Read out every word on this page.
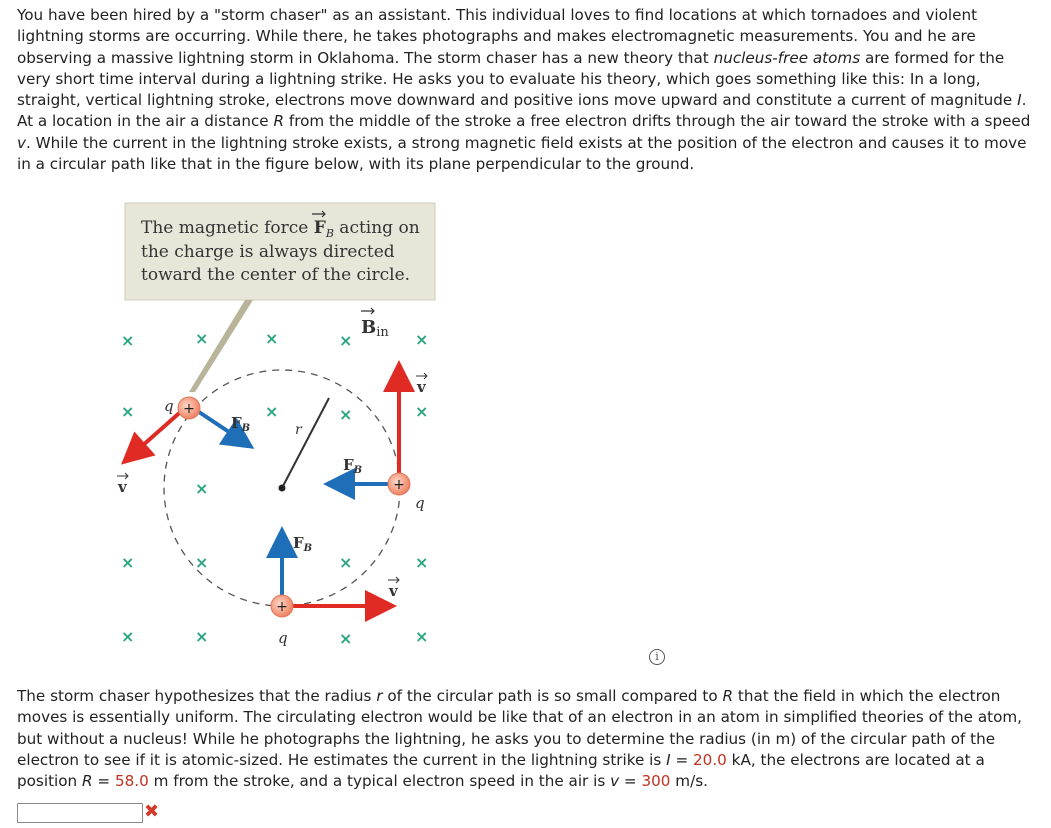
You have been hired by a "storm chaser" as an assistant. This individual loves to find locations at which tornadoes and violent lightning storms are occurring. While there, he takes photographs and makes electromagnetic measurements. You and he are observing a massive lightning storm in Oklahoma. The storm chaser has a new theory that nucleus-free atoms are formed for the very short time interval during a lightning strike. He asks you to evaluate his theory, which goes something like this: In a long, straight, vertical lightning stroke, electrons move downward and positive ions move upward and constitute a current of magnitude I. At a location in the air a distance R from the middle of the stroke a free electron drifts through the air toward the stroke with a speed v. While the current in the lightning stroke exists, a strong magnetic field exists at the position of the electron and causes it to move in a circular path like that in the figure below, with its plane perpendicular to the ground.
The magnetic force $F_B$ acting on
the charge is always directed
toward the center of the circle.
×	×	×	×	×
×	×	×	×
×
×	×	×	×
×	×	×	×
Bin
r
+
q
v
$F_B$
+
q
v
$F_B$
+
q
v
$F_B$
i
The storm chaser hypothesizes that the radius r of the circular path is so small compared to R that the field in which the electron moves is essentially uniform. The circulating electron would be like that of an electron in an atom in simplified theories of the atom, but without a nucleus! While he photographs the lightning, he asks you to determine the radius (in m) of the circular path of the electron to see if it is atomic-sized. He estimates the current in the lightning strike is I = 20.0 kA, the electrons are located at a position R = 58.0 m from the stroke, and a typical electron speed in the air is v = 300 m/s.
✖
